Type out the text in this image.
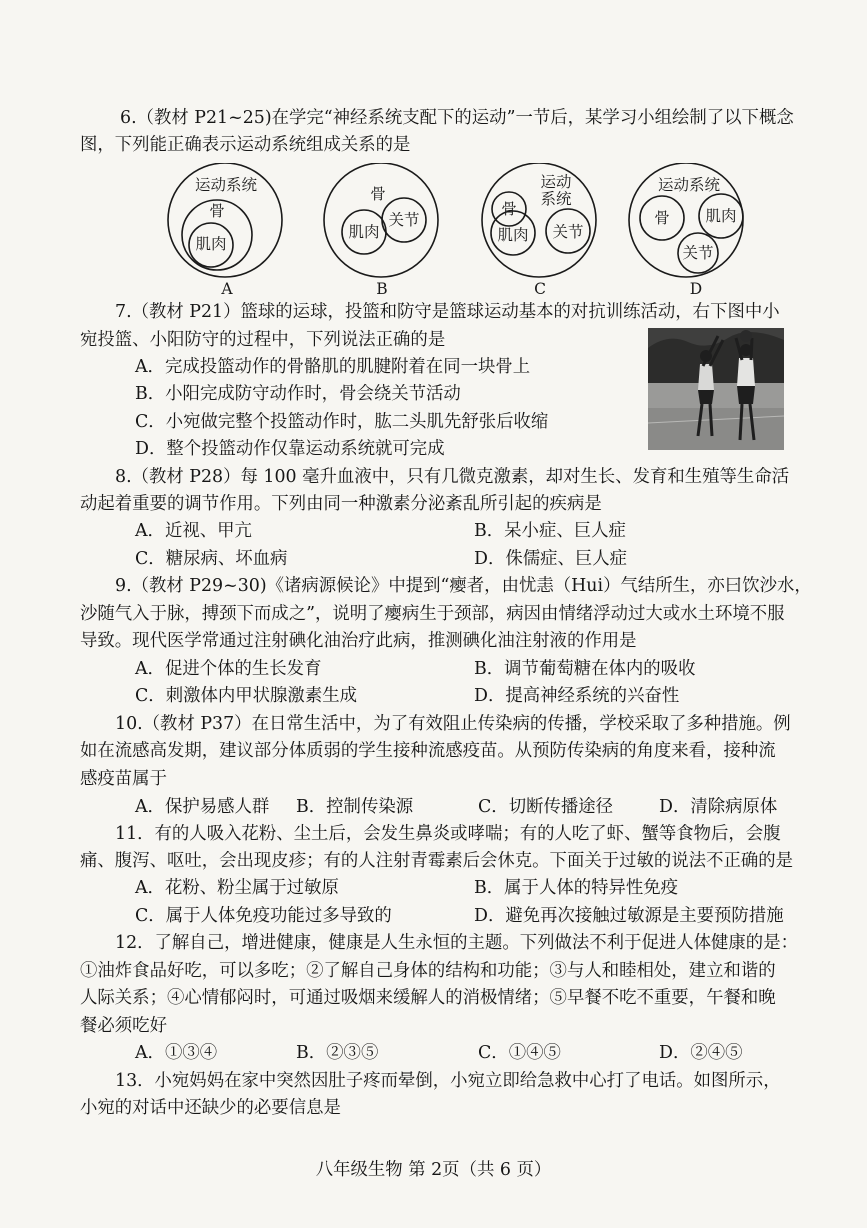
6.（教材 P21~25)在学完“神经系统支配下的运动”一节后，某学习小组绘制了以下概念
图，下列能正确表示运动系统组成关系的是
运动系统
骨
肌肉
A
骨
肌肉
关节
B
运动
系统
骨
肌肉 关节
C
运动系统
骨 肌肉
关节
D
7.（教材 P21）篮球的运球，投篮和防守是篮球运动基本的对抗训练活动，右下图中小
宛投篮、小阳防守的过程中，下列说法正确的是
A．完成投篮动作的骨骼肌的肌腱附着在同一块骨上
B．小阳完成防守动作时，骨会绕关节活动
C．小宛做完整个投篮动作时，肱二头肌先舒张后收缩
D．整个投篮动作仅靠运动系统就可完成
8.（教材 P28）每 100 毫升血液中，只有几微克激素，却对生长、发育和生殖等生命活
动起着重要的调节作用。下列由同一种激素分泌紊乱所引起的疾病是
A．近视、甲亢	B．呆小症、巨人症
C．糖尿病、坏血病	D．侏儒症、巨人症
9.（教材 P29~30)《诸病源候论》中提到“瘿者，由忧恚（Hui）气结所生，亦曰饮沙水，
沙随气入于脉，搏颈下而成之”，说明了瘿病生于颈部，病因由情绪浮动过大或水土环境不服
导致。现代医学常通过注射碘化油治疗此病，推测碘化油注射液的作用是
A．促进个体的生长发育	B．调节葡萄糖在体内的吸收
C．刺激体内甲状腺激素生成	D．提高神经系统的兴奋性
10.（教材 P37）在日常生活中，为了有效阻止传染病的传播，学校采取了多种措施。例
如在流感高发期，建议部分体质弱的学生接种流感疫苗。从预防传染病的角度来看，接种流
感疫苗属于
A．保护易感人群 B．控制传染源	C．切断传播途径	D．清除病原体
11．有的人吸入花粉、尘土后，会发生鼻炎或哮喘；有的人吃了虾、蟹等食物后，会腹
痛、腹泻、呕吐，会出现皮疹；有的人注射青霉素后会休克。下面关于过敏的说法不正确的是
A．花粉、粉尘属于过敏原	B．属于人体的特异性免疫
C．属于人体免疫功能过多导致的	D．避免再次接触过敏源是主要预防措施
12．了解自己，增进健康，健康是人生永恒的主题。下列做法不利于促进人体健康的是：
①油炸食品好吃，可以多吃；②了解自己身体的结构和功能；③与人和睦相处，建立和谐的
人际关系；④心情郁闷时，可通过吸烟来缓解人的消极情绪；⑤早餐不吃不重要，午餐和晚
餐必须吃好
A．①③④	B．②③⑤	C．①④⑤	D．②④⑤
13．小宛妈妈在家中突然因肚子疼而晕倒，小宛立即给急救中心打了电话。如图所示，
小宛的对话中还缺少的必要信息是
八年级生物 第 2页（共 6 页）
